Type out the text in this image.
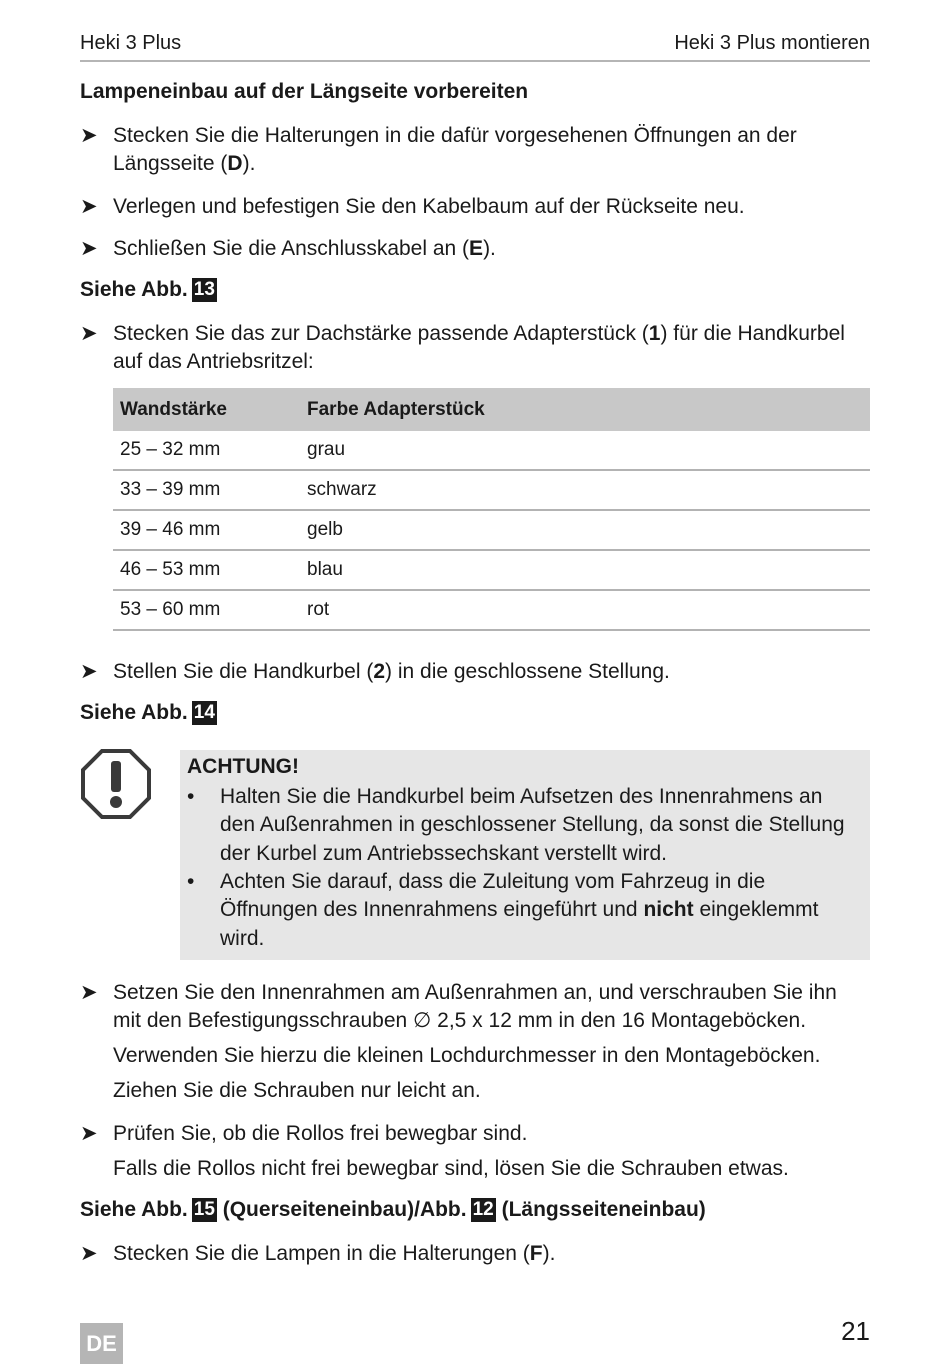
Heki 3 Plus	Heki 3 Plus montieren
Lampeneinbau auf der Längseite vorbereiten
➤ Stecken Sie die Halterungen in die dafür vorgesehenen Öffnungen an der Längsseite (D).
➤ Verlegen und befestigen Sie den Kabelbaum auf der Rückseite neu.
➤ Schließen Sie die Anschlusskabel an (E).
Siehe Abb. 13
➤ Stecken Sie das zur Dachstärke passende Adapterstück (1) für die Handkurbel auf das Antriebsritzel:
Wandstärke	Farbe Adapterstück
25 – 32 mm	grau
33 – 39 mm	schwarz
39 – 46 mm	gelb
46 – 53 mm	blau
53 – 60 mm	rot
➤ Stellen Sie die Handkurbel (2) in die geschlossene Stellung.
Siehe Abb. 14
ACHTUNG!
• Halten Sie die Handkurbel beim Aufsetzen des Innenrahmens an den Außenrahmen in geschlossener Stellung, da sonst die Stellung der Kurbel zum Antriebssechskant verstellt wird.
• Achten Sie darauf, dass die Zuleitung vom Fahrzeug in die Öffnungen des Innenrahmens eingeführt und nicht eingeklemmt wird.
➤ Setzen Sie den Innenrahmen am Außenrahmen an, und verschrauben Sie ihn mit den Befestigungsschrauben ∅ 2,5 x 12 mm in den 16 Montageböcken.
Verwenden Sie hierzu die kleinen Lochdurchmesser in den Montageböcken.
Ziehen Sie die Schrauben nur leicht an.
➤ Prüfen Sie, ob die Rollos frei bewegbar sind.
Falls die Rollos nicht frei bewegbar sind, lösen Sie die Schrauben etwas.
Siehe Abb. 15 (Querseiteneinbau)/Abb. 12 (Längsseiteneinbau)
➤ Stecken Sie die Lampen in die Halterungen (F).
DE	21
